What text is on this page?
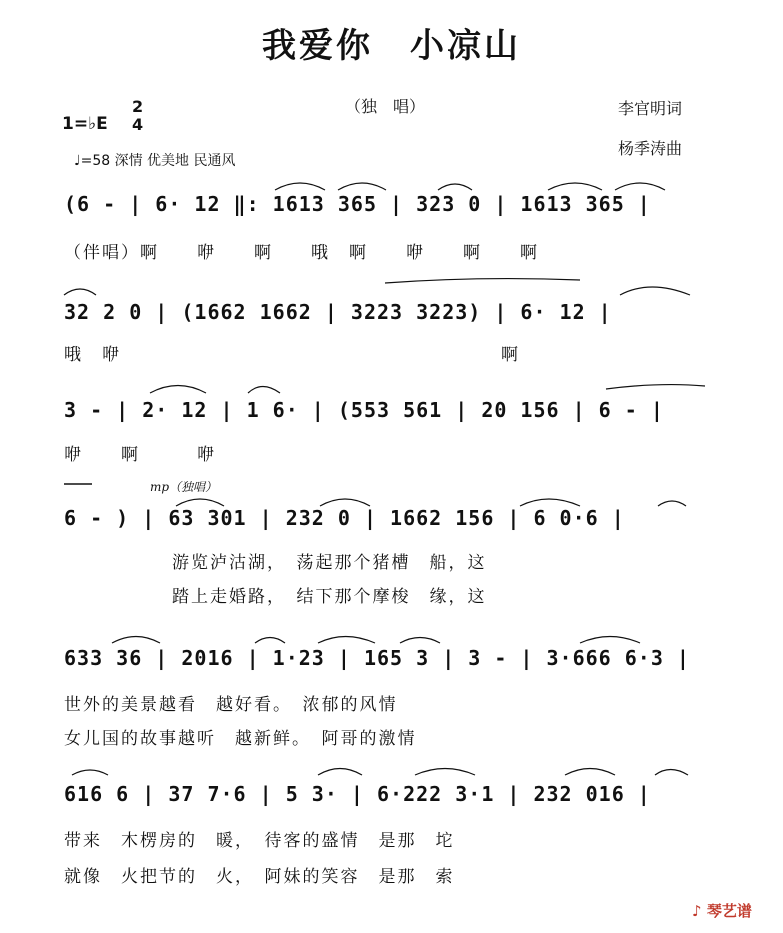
我爱你　小凉山
（独　唱）	李官明词
杨季涛曲
1=♭E
2
4
♩=58 深情 优美地 民通风
(6 - | 6· 12 ‖: 1613 365 | 323 0 | 1613 365 |
（伴唱）啊　　咿　　啊　　哦　啊　　咿　　啊　　啊
32 2 0 | (1662 1662 | 3223 3223) | 6· 12 |
哦　咿　　　　　　　　　　　　　　　　　　　　啊
3 - | 2· 12 | 1 6· | (553 561 | 20 156 | 6 - |
咿　　啊　　　咿
mp（独唱）
6 - ) | 63 301 | 232 0 | 1662 156 | 6 0·6 |
游览泸沽湖，　荡起那个猪槽　船，这
踏上走婚路，　结下那个摩梭　缘，这
633 36 | 2016 | 1·23 | 165 3 | 3 - | 3·666 6·3 |
世外的美景越看　越好看。　浓郁的风情
女儿国的故事越听　越新鲜。　阿哥的激情
616 6 | 37 7·6 | 5 3· | 6·222 3·1 | 232 016 |
带来　木楞房的　暖，　待客的盛情　是那　坨
就像　火把节的　火，　阿妹的笑容　是那　索
♪ 琴艺谱
